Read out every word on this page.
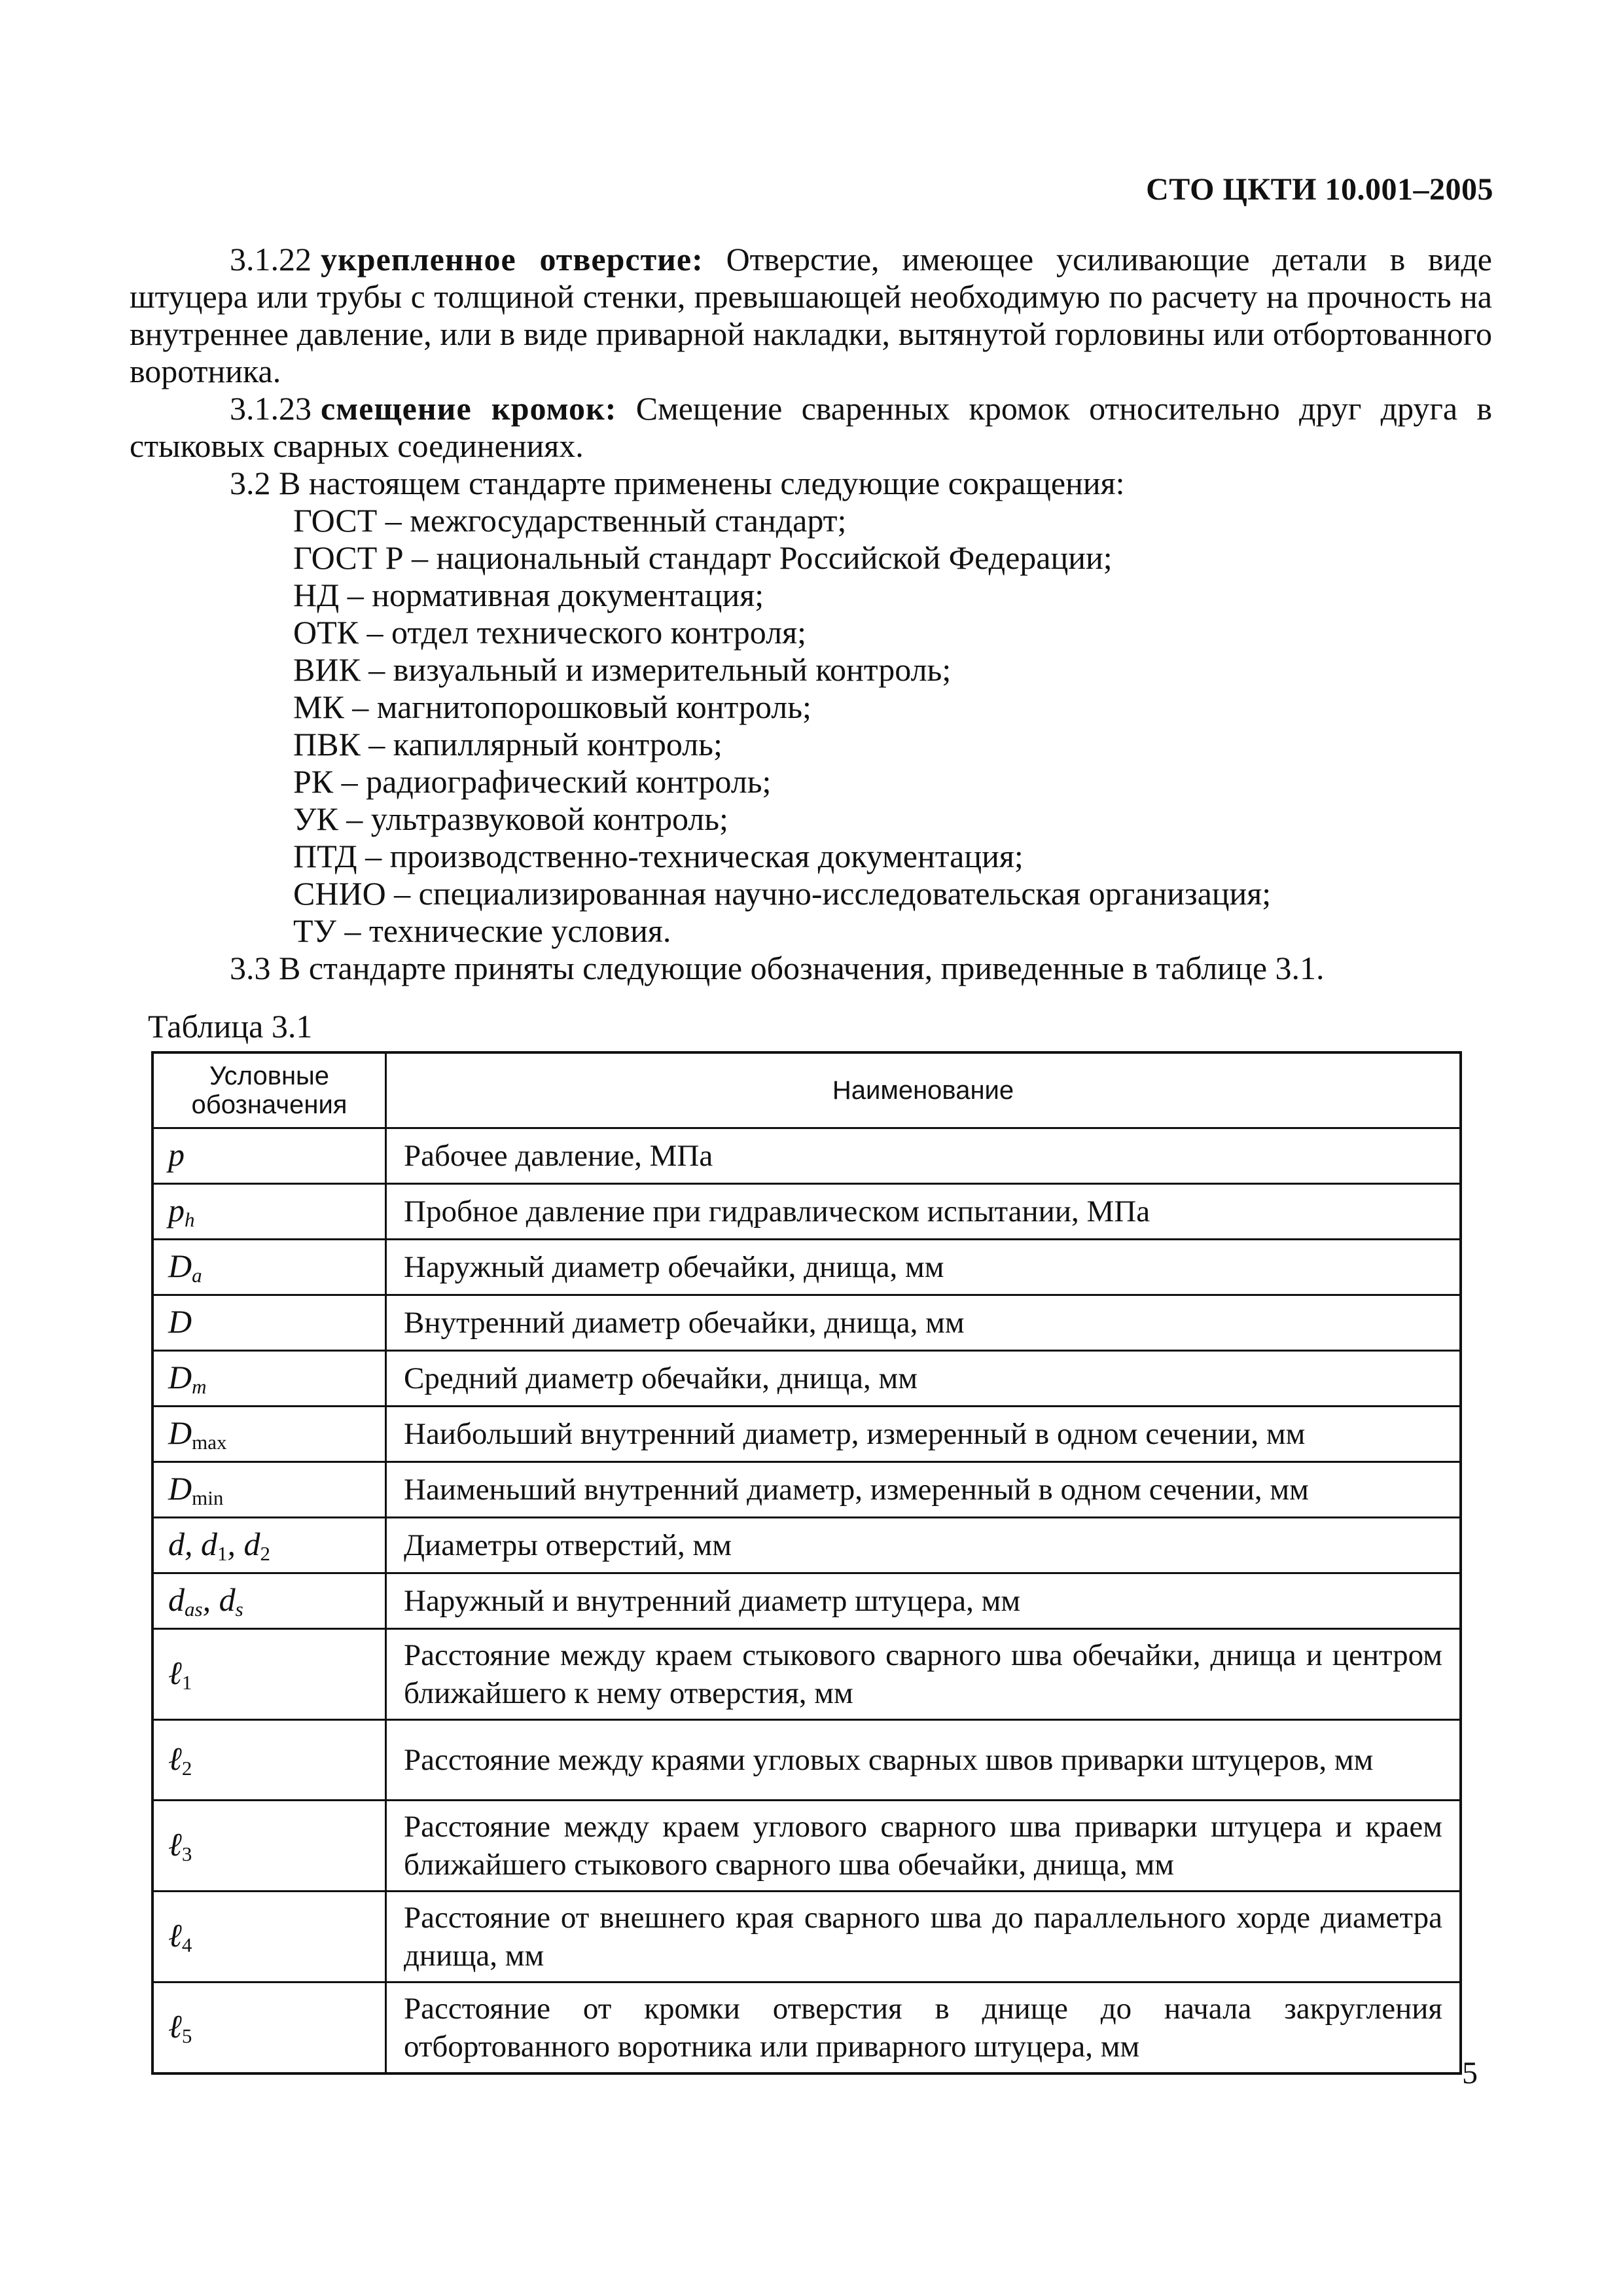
СТО ЦКТИ 10.001–2005

3.1.22 укрепленное отверстие: Отверстие, имеющее усиливающие детали в виде штуцера или трубы с толщиной стенки, превышающей необходимую по расчету на прочность на внутреннее давление, или в виде приварной накладки, вытянутой горловины или отбортованного воротника.

3.1.23 смещение кромок: Смещение сваренных кромок относительно друг друга в стыковых сварных соединениях.

3.2 В настоящем стандарте применены следующие сокращения:

ГОСТ – межгосударственный стандарт;
ГОСТ Р – национальный стандарт Российской Федерации;
НД – нормативная документация;
ОТК – отдел технического контроля;
ВИК – визуальный и измерительный контроль;
МК – магнитопорошковый контроль;
ПВК – капиллярный контроль;
РК – радиографический контроль;
УК – ультразвуковой контроль;
ПТД – производственно-техническая документация;
СНИО – специализированная научно-исследовательская организация;
ТУ – технические условия.

3.3 В стандарте приняты следующие обозначения, приведенные в таблице 3.1.

Таблица 3.1
Условные обозначения	Наименование
p	Рабочее давление, МПа
$p_h$	Пробное давление при гидравлическом испытании, МПа
$D_a$	Наружный диаметр обечайки, днища, мм
D	Внутренний диаметр обечайки, днища, мм
$D_m$	Средний диаметр обечайки, днища, мм
$D_{max}$	Наибольший внутренний диаметр, измеренный в одном сечении, мм
$D_{min}$	Наименьший внутренний диаметр, измеренный в одном сечении, мм
d, $d_1$, $d_2$	Диаметры отверстий, мм
$d_{as}$, $d_s$	Наружный и внутренний диаметр штуцера, мм
ℓ$_1$	Расстояние между краем стыкового сварного шва обечайки, днища и центром ближайшего к нему отверстия, мм
ℓ$_2$	Расстояние между краями угловых сварных швов приварки штуцеров, мм
ℓ$_3$	Расстояние между краем углового сварного шва приварки штуцера и краем ближайшего стыкового сварного шва обечайки, днища, мм
ℓ$_4$	Расстояние от внешнего края сварного шва до параллельного хорде диаметра днища, мм
ℓ$_5$	Расстояние от кромки отверстия в днище до начала закругления отбортованного воротника или приварного штуцера, мм
5
